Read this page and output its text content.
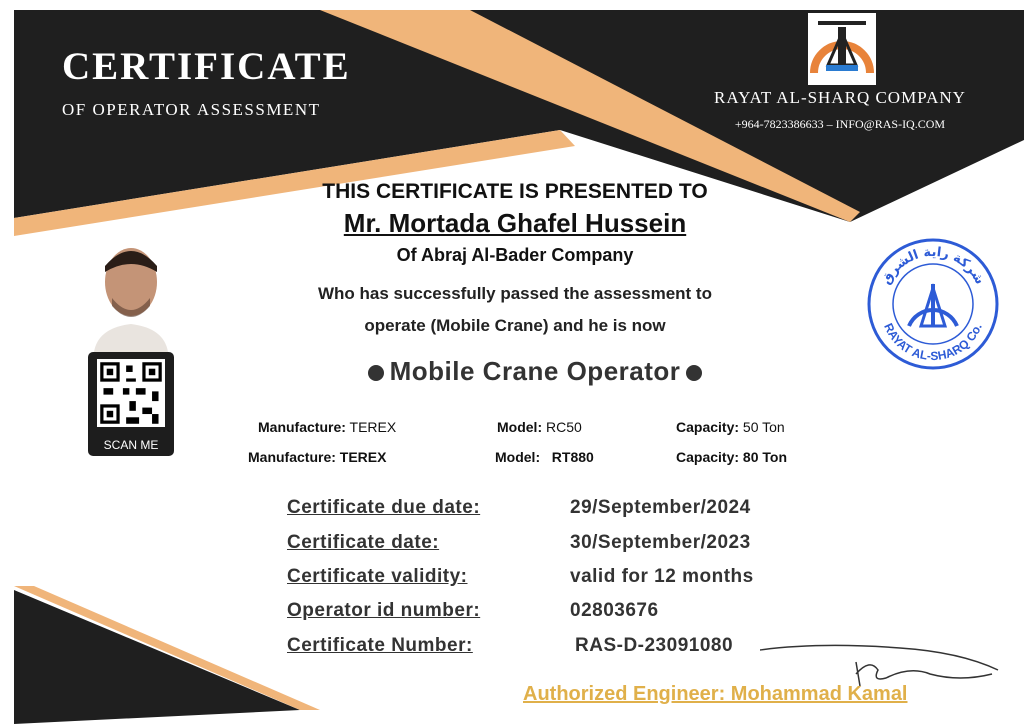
CERTIFICATE
OF OPERATOR ASSESSMENT
RAYAT AL-SHARQ COMPANY
+964-7823386633 – INFO@RAS-IQ.COM
SCAN ME
شركة راية الشرق
RAYAT AL-SHARQ Co.
THIS CERTIFICATE IS PRESENTED TO
Mr. Mortada Ghafel Hussein
Of Abraj Al-Bader Company
Who has successfully passed the assessment to
operate (Mobile Crane) and he is now
Mobile Crane Operator
Manufacture: TEREX	Model: RC50	Capacity: 50 Ton
Manufacture: TEREX	Model:   RT880	Capacity: 80 Ton
Certificate due date:	29/September/2024
Certificate date:	30/September/2023
Certificate validity:	valid for 12 months
Operator id number:	02803676
Certificate Number:	RAS-D-23091080
Authorized Engineer: Mohammad Kamal
